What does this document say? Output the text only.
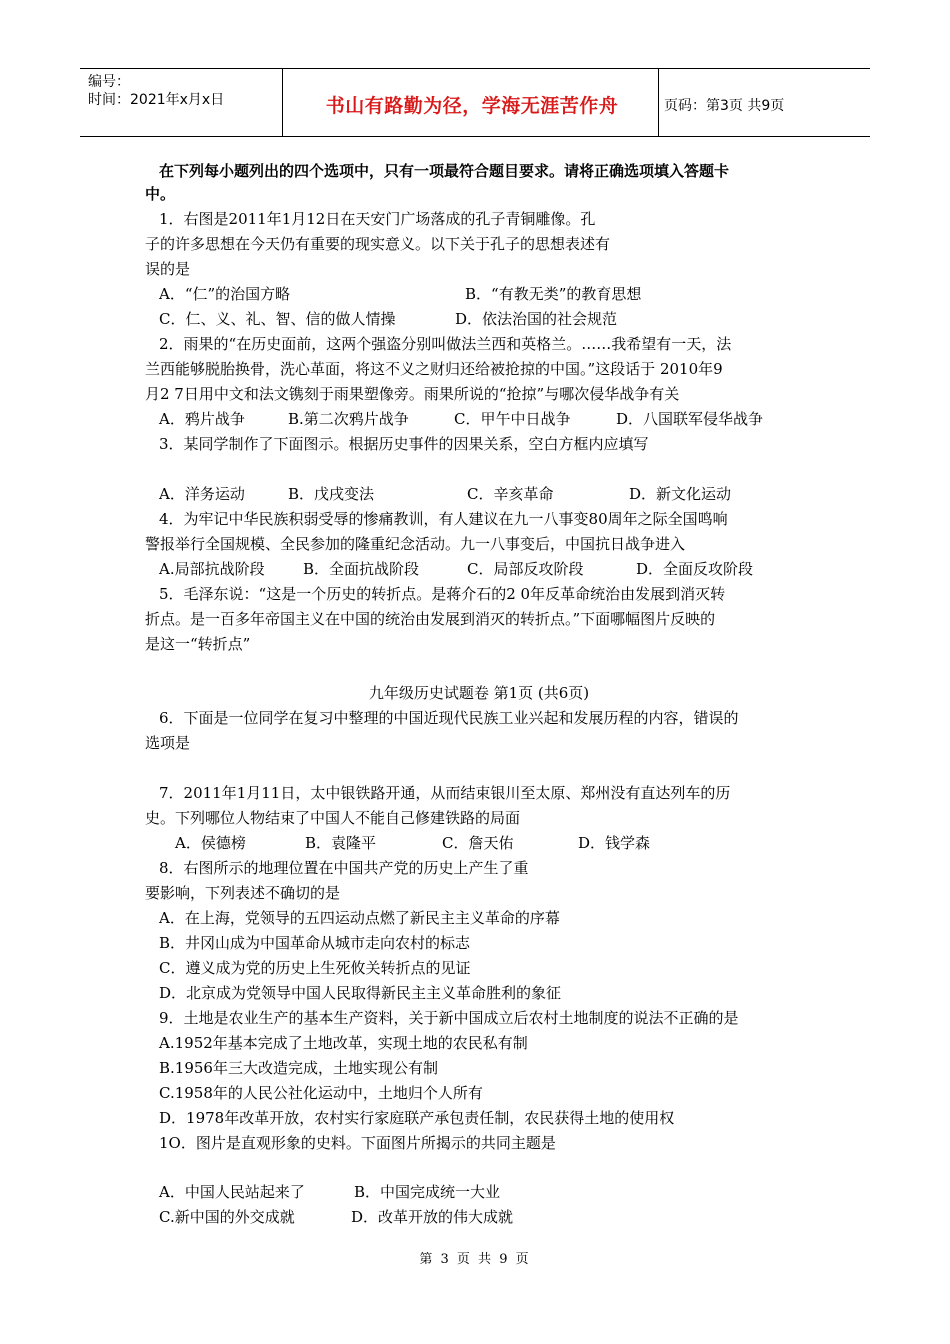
编号：
时间：2021年x月x日	书山有路勤为径，学海无涯苦作舟	页码：第3页 共9页
在下列每小题列出的四个选项中，只有一项最符合题目要求。请将正确选项填入答题卡
中。
1．右图是2011年1月12日在天安门广场落成的孔子青铜雕像。孔
子的许多思想在今天仍有重要的现实意义。以下关于孔子的思想表述有
误的是
A．“仁”的治国方略	B．“有教无类”的教育思想
C．仁、义、礼、智、信的做人情操	D．依法治国的社会规范
2．雨果的“在历史面前，这两个强盗分别叫做法兰西和英格兰。……我希望有一天，法
兰西能够脱胎换骨，洗心革面，将这不义之财归还给被抢掠的中国。”这段话于 2010年9
月2 7日用中文和法文镌刻于雨果塑像旁。雨果所说的“抢掠”与哪次侵华战争有关
A．鸦片战争	B.第二次鸦片战争	C．甲午中日战争	D．八国联军侵华战争
3．某同学制作了下面图示。根据历史事件的因果关系，空白方框内应填写
A．洋务运动	B．戊戌变法	C．辛亥革命	D．新文化运动
4．为牢记中华民族积弱受辱的惨痛教训，有人建议在九一八事变80周年之际全国鸣响
警报举行全国规模、全民参加的隆重纪念活动。九一八事变后，中国抗日战争进入
A.局部抗战阶段	B．全面抗战阶段	C．局部反攻阶段	D．全面反攻阶段
5．毛泽东说：“这是一个历史的转折点。是蒋介石的2 0年反革命统治由发展到消灭转
折点。是一百多年帝国主义在中国的统治由发展到消灭的转折点。”下面哪幅图片反映的
是这一“转折点”
九年级历史试题卷 第1页 (共6页)
6．下面是一位同学在复习中整理的中国近现代民族工业兴起和发展历程的内容，错误的
选项是
7．2011年1月11日，太中银铁路开通，从而结束银川至太原、郑州没有直达列车的历
史。下列哪位人物结束了中国人不能自己修建铁路的局面
A．侯德榜	B．袁隆平	C．詹天佑	D．钱学森
8．右图所示的地理位置在中国共产党的历史上产生了重
要影响，下列表述不确切的是
A．在上海，党领导的五四运动点燃了新民主主义革命的序幕
B．井冈山成为中国革命从城市走向农村的标志
C．遵义成为党的历史上生死攸关转折点的见证
D．北京成为党领导中国人民取得新民主主义革命胜利的象征
9．土地是农业生产的基本生产资料，关于新中国成立后农村土地制度的说法不正确的是
A.1952年基本完成了土地改革，实现土地的农民私有制
B.1956年三大改造完成，土地实现公有制
C.1958年的人民公社化运动中，土地归个人所有
D．1978年改革开放，农村实行家庭联产承包责任制，农民获得土地的使用权
1O．图片是直观形象的史料。下面图片所揭示的共同主题是
A．中国人民站起来了	B．中国完成统一大业
C.新中国的外交成就	D．改革开放的伟大成就
第 3 页 共 9 页
